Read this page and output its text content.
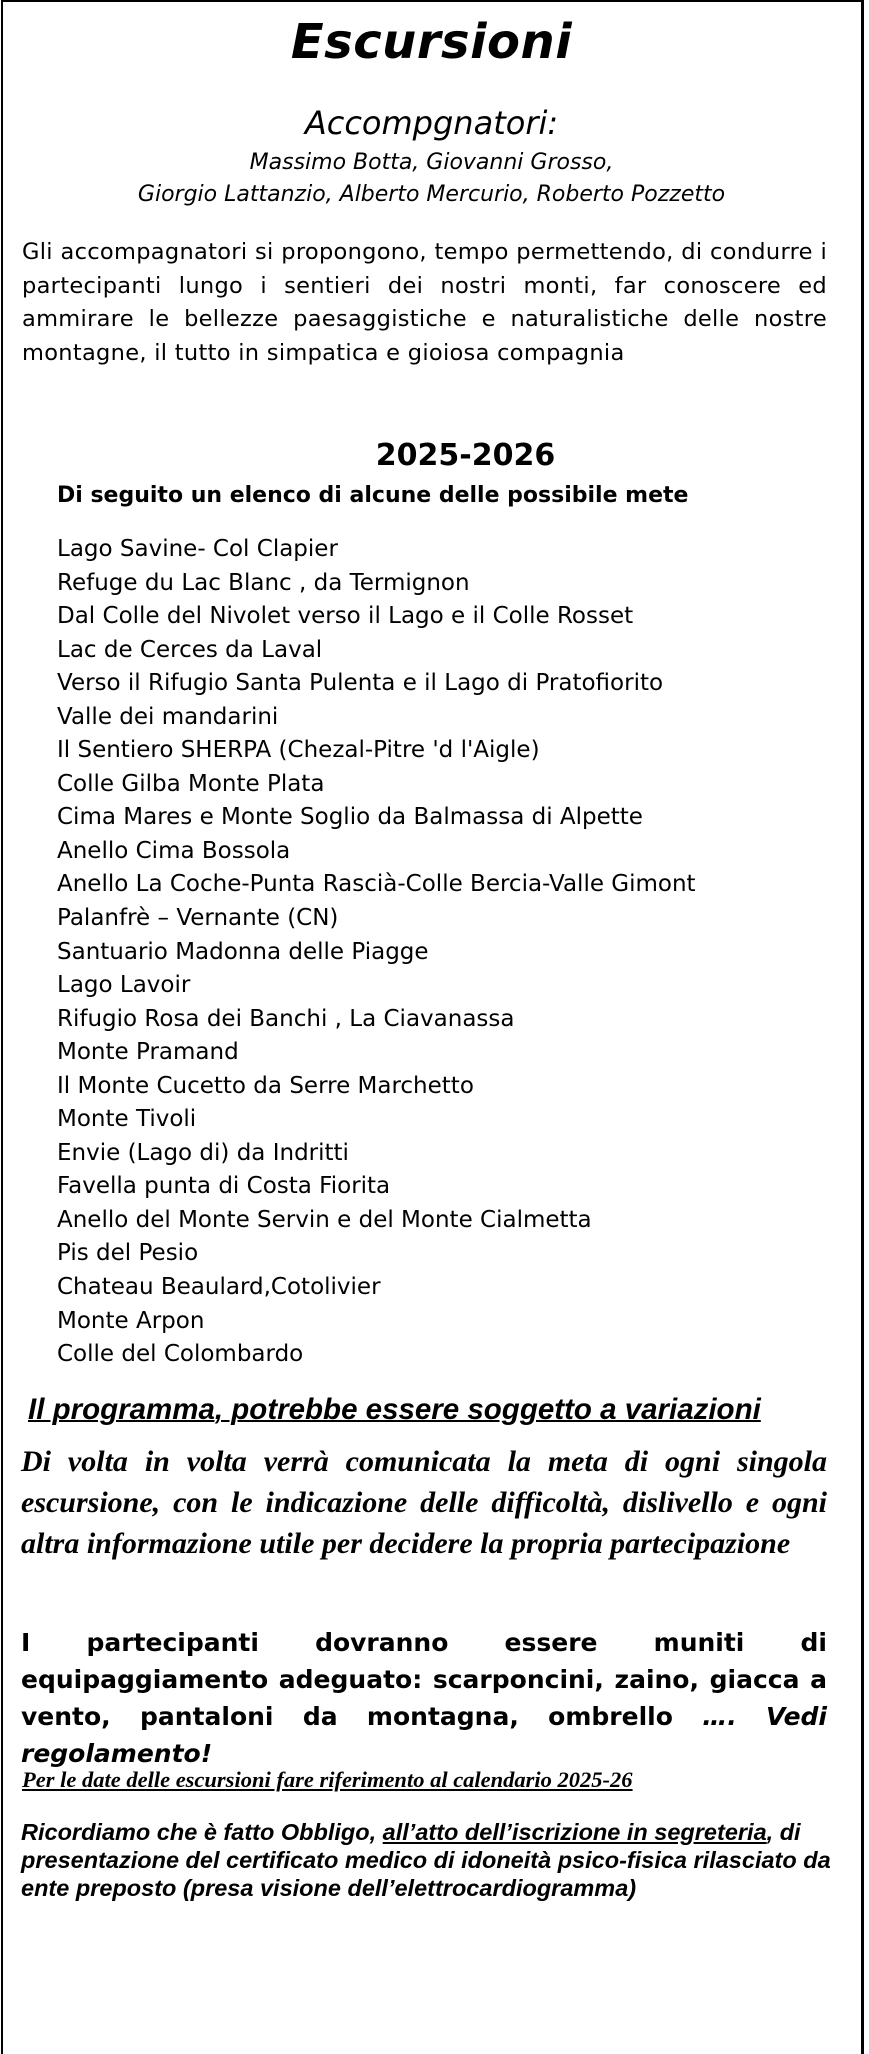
Escursioni
Accompgnatori:
Massimo Botta, Giovanni Grosso,
Giorgio Lattanzio, Alberto Mercurio, Roberto Pozzetto
Gli accompagnatori si propongono, tempo permettendo, di condurre i partecipanti lungo i sentieri dei nostri monti, far conoscere ed ammirare le bellezze paesaggistiche e naturalistiche delle nostre montagne, il tutto in simpatica e gioiosa compagnia
2025-2026
Di seguito un elenco di alcune delle possibile mete
Lago Savine- Col Clapier
Refuge du Lac Blanc , da Termignon
Dal Colle del Nivolet verso il Lago e il Colle Rosset
Lac de Cerces da Laval
Verso il Rifugio Santa Pulenta e il Lago di Pratofiorito
Valle dei mandarini
Il Sentiero SHERPA (Chezal-Pitre 'd l'Aigle)
Colle Gilba Monte Plata
Cima Mares e Monte Soglio da Balmassa di Alpette
Anello Cima Bossola
Anello La Coche-Punta Rascià-Colle Bercia-Valle Gimont
Palanfrè – Vernante (CN)
Santuario Madonna delle Piagge
Lago Lavoir
Rifugio Rosa dei Banchi , La Ciavanassa
Monte Pramand
Il Monte Cucetto da Serre Marchetto
Monte Tivoli
Envie (Lago di) da Indritti
Favella punta di Costa Fiorita
Anello del Monte Servin e del Monte Cialmetta
Pis del Pesio
Chateau Beaulard,Cotolivier
Monte Arpon
Colle del Colombardo
Il programma, potrebbe essere soggetto a variazioni
Di volta in volta verrà comunicata la meta di ogni singola escursione, con le indicazione delle difficoltà, dislivello e ogni altra informazione utile per decidere la propria partecipazione
I partecipanti dovranno essere muniti di equipaggiamento adeguato: scarponcini, zaino, giacca a vento, pantaloni da montagna, ombrello …. Vedi regolamento!
Per le date delle escursioni fare riferimento al calendario 2025-26
Ricordiamo che è fatto Obbligo, all’atto dell’iscrizione in segreteria, di presentazione del certificato medico di idoneità psico-fisica rilasciato da ente preposto (presa visione dell’elettrocardiogramma)
